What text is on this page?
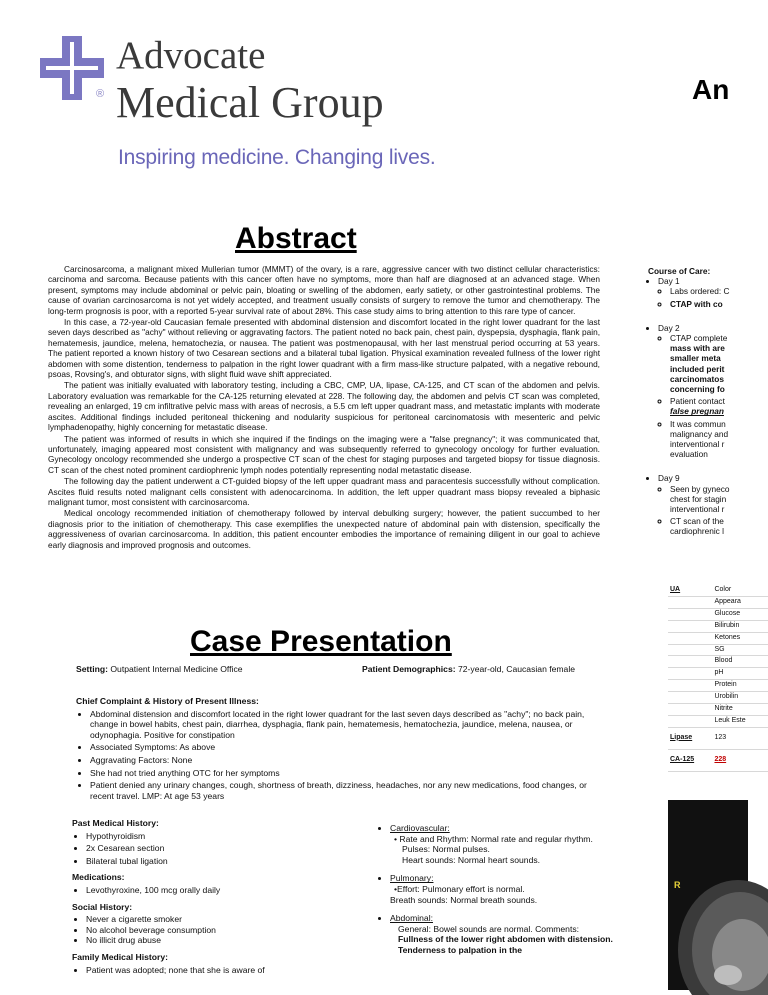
Advocate
® Medical Group
Inspiring medicine. Changing lives.
An
Abstract

Carcinosarcoma, a malignant mixed Mullerian tumor (MMMT) of the ovary, is a rare, aggressive cancer with two distinct cellular characteristics: carcinoma and sarcoma. Because patients with this cancer often have no symptoms, more than half are diagnosed at an advanced stage. When present, symptoms may include abdominal or pelvic pain, bloating or swelling of the abdomen, early satiety, or other gastrointestinal problems. The cause of ovarian carcinosarcoma is not yet widely accepted, and treatment usually consists of surgery to remove the tumor and chemotherapy. The long-term prognosis is poor, with a reported 5-year survival rate of about 28%. This case study aims to bring attention to this rare type of cancer.

In this case, a 72-year-old Caucasian female presented with abdominal distension and discomfort located in the right lower quadrant for the last seven days described as "achy" without relieving or aggravating factors. The patient noted no back pain, chest pain, dyspepsia, dysphagia, flank pain, hematemesis, jaundice, melena, hematochezia, or nausea. The patient was postmenopausal, with her last menstrual period occurring at 53 years. The patient reported a known history of two Cesarean sections and a bilateral tubal ligation. Physical examination revealed fullness of the lower right abdomen with some distention, tenderness to palpation in the right lower quadrant with a firm mass-like structure palpated, with a negative rebound, psoas, Rovsing's, and obturator signs, with slight fluid wave shift appreciated.

The patient was initially evaluated with laboratory testing, including a CBC, CMP, UA, lipase, CA-125, and CT scan of the abdomen and pelvis. Laboratory evaluation was remarkable for the CA-125 returning elevated at 228. The following day, the abdomen and pelvis CT scan was completed, revealing an enlarged, 19 cm infiltrative pelvic mass with areas of necrosis, a 5.5 cm left upper quadrant mass, and metastatic implants with moderate ascites. Additional findings included peritoneal thickening and nodularity suspicious for peritoneal carcinomatosis with mesenteric and pelvic lymphadenopathy, highly concerning for metastatic disease.

The patient was informed of results in which she inquired if the findings on the imaging were a "false pregnancy"; it was communicated that, unfortunately, imaging appeared most consistent with malignancy and was subsequently referred to gynecology oncology for further evaluation. Gynecology oncology recommended she undergo a prospective CT scan of the chest for staging purposes and targeted biopsy for tissue diagnosis. CT scan of the chest noted prominent cardiophrenic lymph nodes potentially representing nodal metastatic disease.

The following day the patient underwent a CT-guided biopsy of the left upper quadrant mass and paracentesis successfully without complication. Ascites fluid results noted malignant cells consistent with adenocarcinoma. In addition, the left upper quadrant mass biopsy revealed a biphasic malignant tumor, most consistent with carcinosarcoma.

Medical oncology recommended initiation of chemotherapy followed by interval debulking surgery; however, the patient succumbed to her diagnosis prior to the initiation of chemotherapy. This case exemplifies the unexpected nature of abdominal pain with distension, specifically the aggressiveness of ovarian carcinosarcoma. In addition, this patient encounter embodies the importance of remaining diligent in our goal to achieve early diagnosis and improved prognosis and outcomes.

Case Presentation
Setting: Outpatient Internal Medicine Office	Patient Demographics: 72-year-old, Caucasian female
Chief Complaint & History of Present Illness:
• Abdominal distension and discomfort located in the right lower quadrant for the last seven days described as "achy"; no back pain, change in bowel habits, chest pain, diarrhea, dysphagia, flank pain, hematemesis, hematochezia, jaundice, melena, nausea, or odynophagia. Positive for constipation
• Associated Symptoms: As above
• Aggravating Factors: None
• She had not tried anything OTC for her symptoms
• Patient denied any urinary changes, cough, shortness of breath, dizziness, headaches, nor any new medications, food changes, or recent travel. LMP: At age 53 years
Past Medical History:
• Hypothyroidism
• 2x Cesarean section
• Bilateral tubal ligation
Medications:
• Levothyroxine, 100 mcg orally daily
Social History:
• Never a cigarette smoker
• No alcohol beverage consumption
• No illicit drug abuse
Family Medical History:
• Patient was adopted; none that she is aware of
• Cardiovascular:
• Rate and Rhythm: Normal rate and regular rhythm.
Pulses: Normal pulses.
Heart sounds: Normal heart sounds.
• Pulmonary:
•Effort: Pulmonary effort is normal.
Breath sounds: Normal breath sounds.
• Abdominal:
General: Bowel sounds are normal. Comments:
Fullness of the lower right abdomen with distension. Tenderness to palpation in the
Course of Care:
• Day 1
◦ Labs ordered: C
◦ CTAP with co
• Day 2
◦ CTAP complete
mass with are
smaller meta
included perit
carcinomatos
concerning fo
◦ Patient contact
false pregnan
◦ It was commun
malignancy and
interventional r
evaluation
• Day 9
◦ Seen by gyneco
chest for stagin
interventional r
◦ CT scan of the
cardiophrenic l
UA	Color
	Appeara
	Glucose
	Bilirubin
	Ketones
	SG
	Blood
	pH
	Protein
	Urobilin
	Nitrite
	Leuk Este
Lipase	123
CA-125	228
R
